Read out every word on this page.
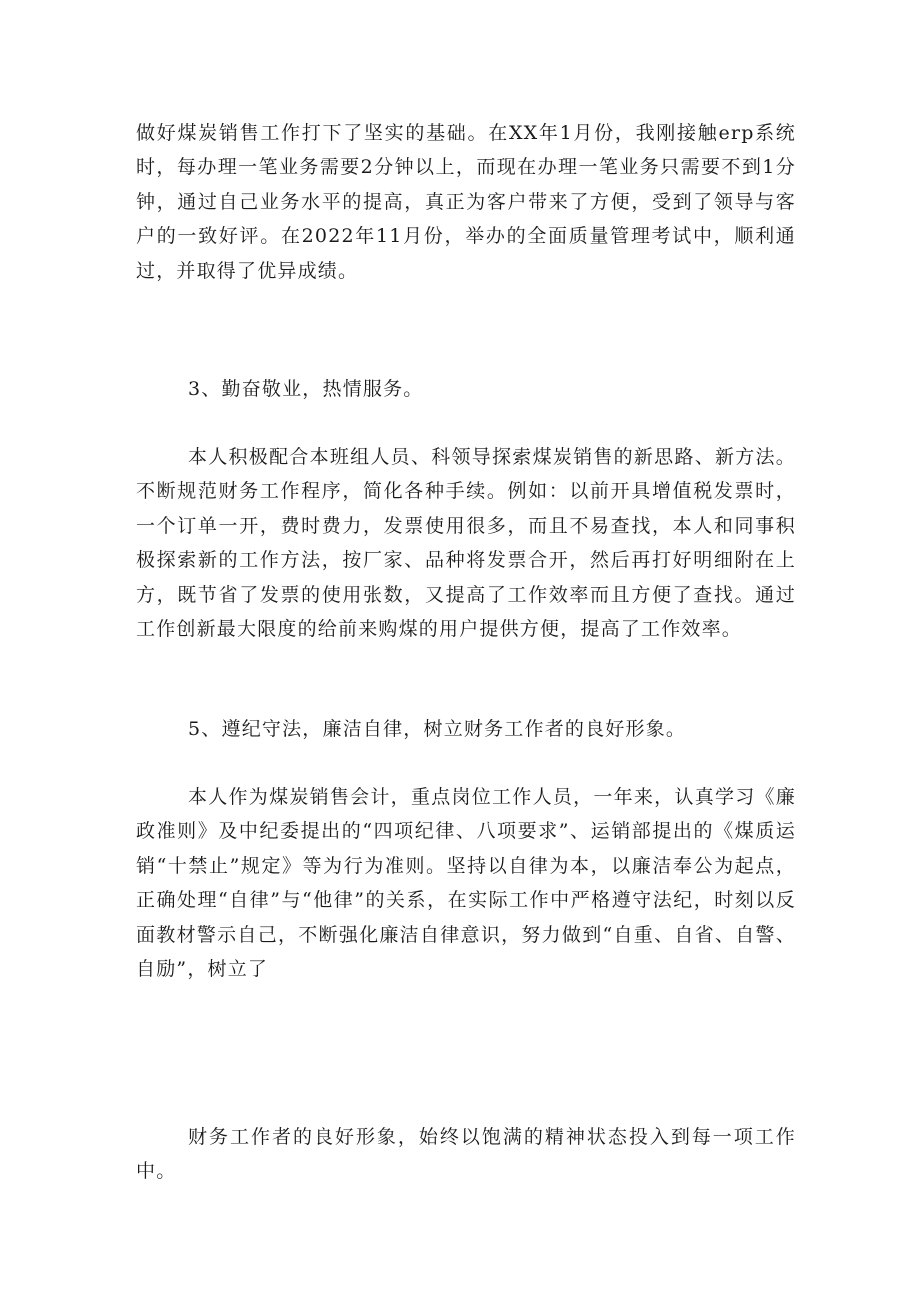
做好煤炭销售工作打下了坚实的基础。在XX年1月份，我刚接触erp系统时，每办理一笔业务需要2分钟以上，而现在办理一笔业务只需要不到1分钟，通过自己业务水平的提高，真正为客户带来了方便，受到了领导与客户的一致好评。在2022年11月份，举办的全面质量管理考试中，顺利通过，并取得了优异成绩。

3、勤奋敬业，热情服务。

本人积极配合本班组人员、科领导探索煤炭销售的新思路、新方法。不断规范财务工作程序，简化各种手续。例如：以前开具增值税发票时，一个订单一开，费时费力，发票使用很多，而且不易查找，本人和同事积极探索新的工作方法，按厂家、品种将发票合开，然后再打好明细附在上方，既节省了发票的使用张数，又提高了工作效率而且方便了查找。通过工作创新最大限度的给前来购煤的用户提供方便，提高了工作效率。

5、遵纪守法，廉洁自律，树立财务工作者的良好形象。

本人作为煤炭销售会计，重点岗位工作人员，一年来，认真学习《廉政准则》及中纪委提出的“四项纪律、八项要求”、运销部提出的《煤质运销“十禁止”规定》等为行为准则。坚持以自律为本，以廉洁奉公为起点，正确处理“自律”与“他律”的关系，在实际工作中严格遵守法纪，时刻以反面教材警示自己，不断强化廉洁自律意识，努力做到“自重、自省、自警、自励”，树立了

财务工作者的良好形象，始终以饱满的精神状态投入到每一项工作中。
